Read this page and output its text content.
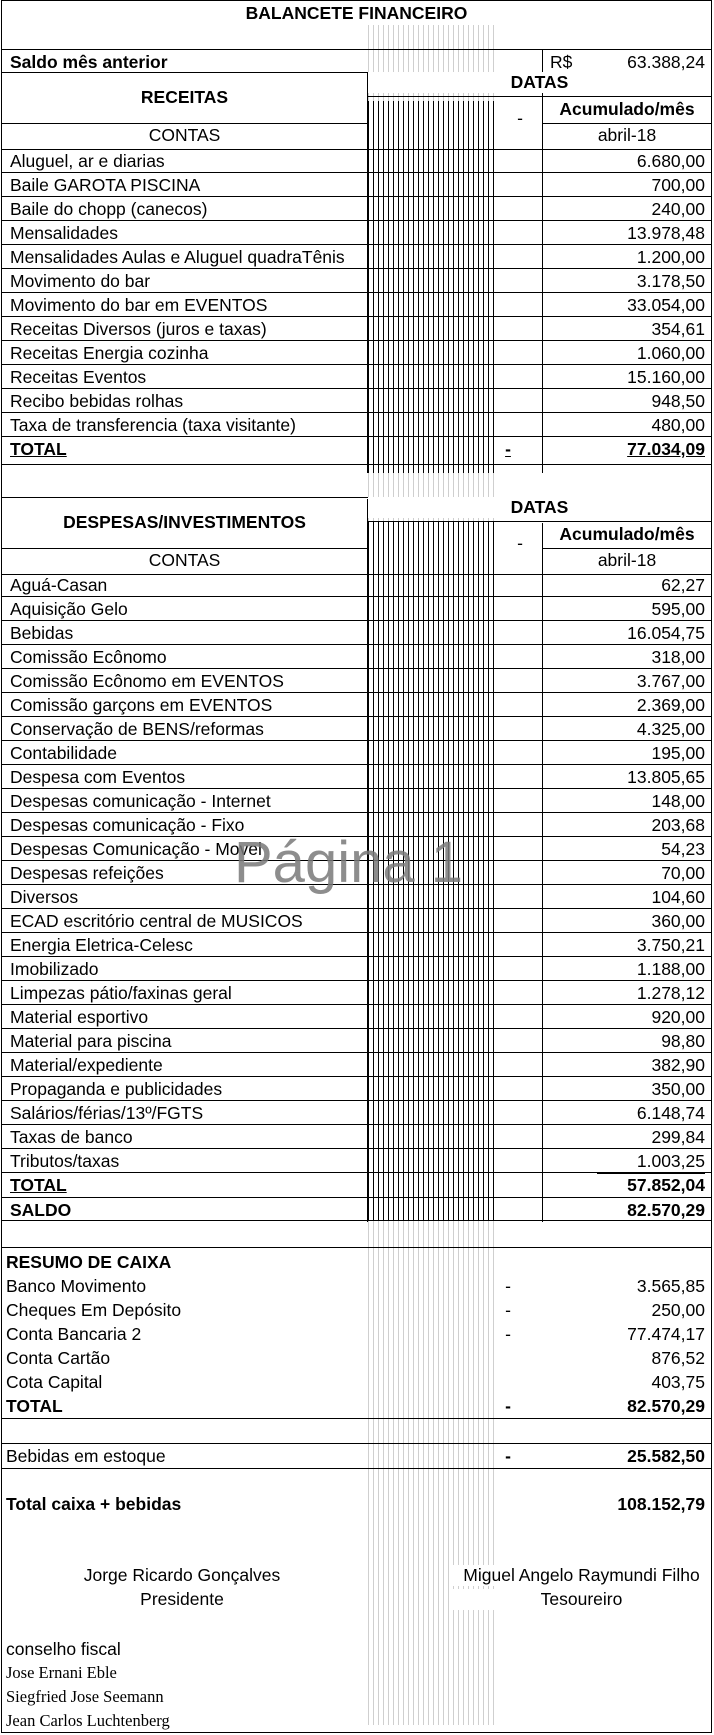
BALANCETE FINANCEIRO
Saldo mês anterior	R$	63.388,24
RECEITAS
CONTAS
DATAS
-	Acumulado/mês
abril-18
Aluguel, ar e diarias	6.680,00
Baile GAROTA PISCINA	700,00
Baile do chopp (canecos)	240,00
Mensalidades	13.978,48
Mensalidades Aulas e Aluguel quadraTênis	1.200,00
Movimento do bar	3.178,50
Movimento do bar em EVENTOS	33.054,00
Receitas Diversos (juros e taxas)	354,61
Receitas Energia cozinha	1.060,00
Receitas Eventos	15.160,00
Recibo bebidas rolhas	948,50
Taxa de transferencia (taxa visitante)	480,00
TOTAL	-	77.034,09
DESPESAS/INVESTIMENTOS
CONTAS
DATAS
-	Acumulado/mês
abril-18
Aguá-Casan	62,27
Aquisição Gelo	595,00
Bebidas	16.054,75
Comissão Ecônomo	318,00
Comissão Ecônomo em EVENTOS	3.767,00
Comissão garçons em EVENTOS	2.369,00
Conservação de BENS/reformas	4.325,00
Contabilidade	195,00
Despesa com Eventos	13.805,65
Despesas comunicação - Internet	148,00
Despesas comunicação - Fixo	203,68
Despesas Comunicação - Movel	54,23
Despesas refeições	70,00
Diversos	104,60
ECAD escritório central de MUSICOS	360,00
Energia Eletrica-Celesc	3.750,21
Imobilizado	1.188,00
Limpezas pátio/faxinas geral	1.278,12
Material esportivo	920,00
Material para piscina	98,80
Material/expediente	382,90
Propaganda e publicidades	350,00
Salários/férias/13º/FGTS	6.148,74
Taxas de banco	299,84
Tributos/taxas	1.003,25
TOTAL	57.852,04
SALDO	82.570,29
RESUMO DE CAIXA
Banco Movimento	-	3.565,85
Cheques Em Depósito	-	250,00
Conta Bancaria 2	-	77.474,17
Conta Cartão	876,52
Cota Capital	403,75
TOTAL	-	82.570,29
Bebidas em estoque	-	25.582,50
Total caixa + bebidas	108.152,79
Jorge Ricardo Gonçalves
Presidente
Miguel Angelo Raymundi Filho
Tesoureiro
conselho fiscal
Jose Ernani Eble
Siegfried Jose Seemann
Jean Carlos Luchtenberg
Página 1
